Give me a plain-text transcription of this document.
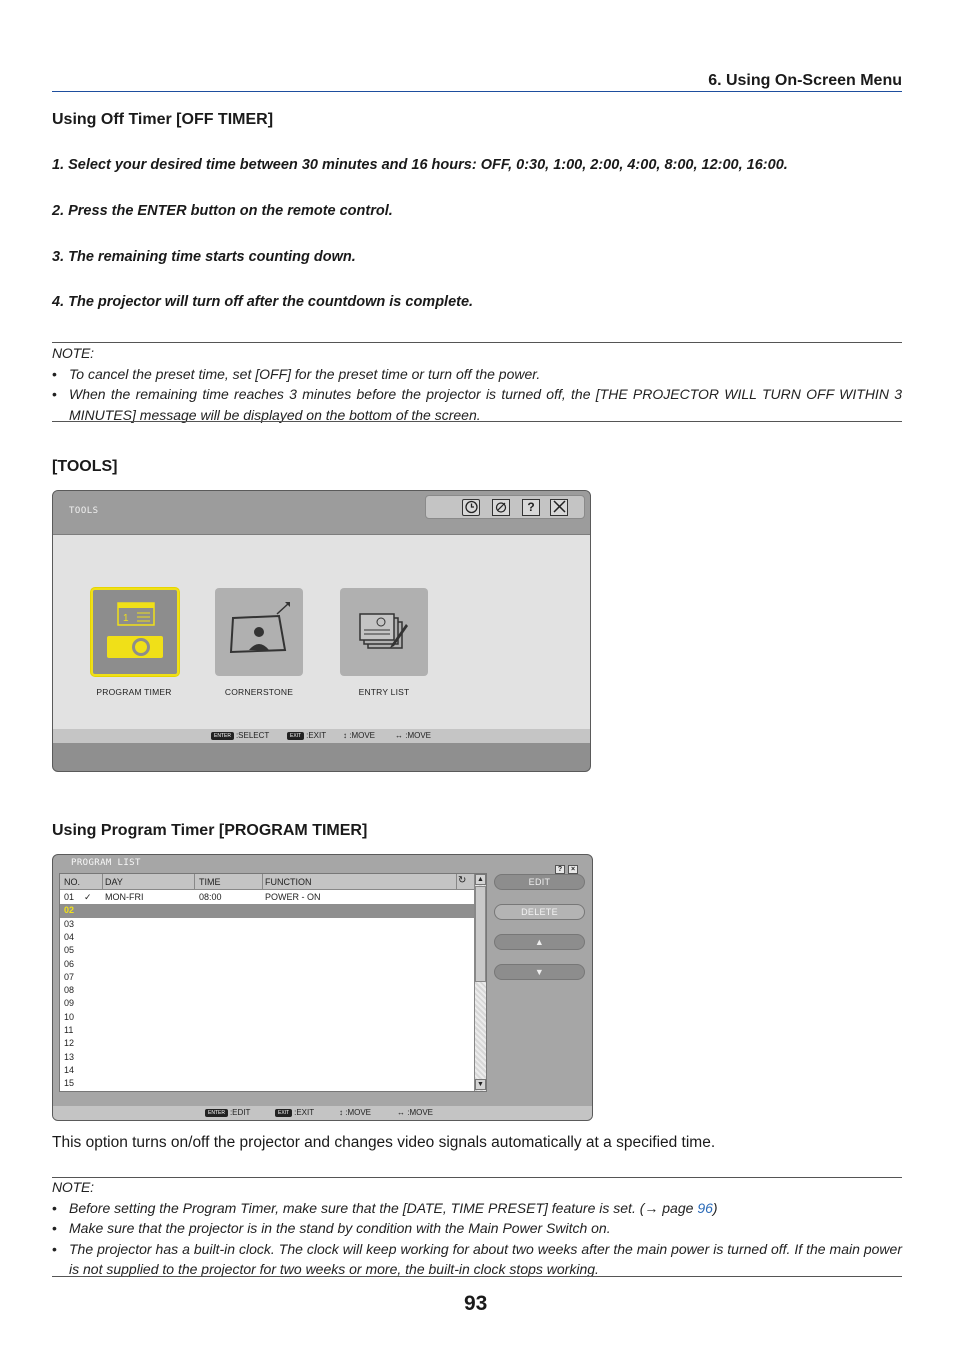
6. Using On-Screen Menu
Using Off Timer [OFF TIMER]
1. Select your desired time between 30 minutes and 16 hours: OFF, 0:30, 1:00, 2:00, 4:00, 8:00, 12:00, 16:00.
2. Press the ENTER button on the remote control.
3. The remaining time starts counting down.
4. The projector will turn off after the countdown is complete.
NOTE:
• To cancel the preset time, set [OFF] for the preset time or turn off the power.
• When the remaining time reaches 3 minutes before the projector is turned off, the [THE PROJECTOR WILL TURN OFF WITHIN 3 MINUTES] message will be displayed on the bottom of the screen.
[TOOLS]
TOOLS	?
1
PROGRAM TIMER	CORNERSTONE	ENTRY LIST
ENTER :SELECT	EXIT :EXIT ↕ :MOVE ↔ :MOVE
Using Program Timer [PROGRAM TIMER]
PROGRAM LIST
? ×
NO.	DAY	TIME	FUNCTION	↻
01 ✓ MON-FRI	08:00	POWER - ON
02
03
04
05
06
07
08
09
10
11
12
13
14
15
▲
▼
EDIT
DELETE
▲
▼
ENTER :EDIT	EXIT :EXIT	↕ :MOVE	↔ :MOVE
This option turns on/off the projector and changes video signals automatically at a specified time.
NOTE:
• Before setting the Program Timer, make sure that the [DATE, TIME PRESET] feature is set. (→ page 96)
• Make sure that the projector is in the stand by condition with the Main Power Switch on.
• The projector has a built-in clock. The clock will keep working for about two weeks after the main power is turned off. If the main power is not supplied to the projector for two weeks or more, the built-in clock stops working.
93
